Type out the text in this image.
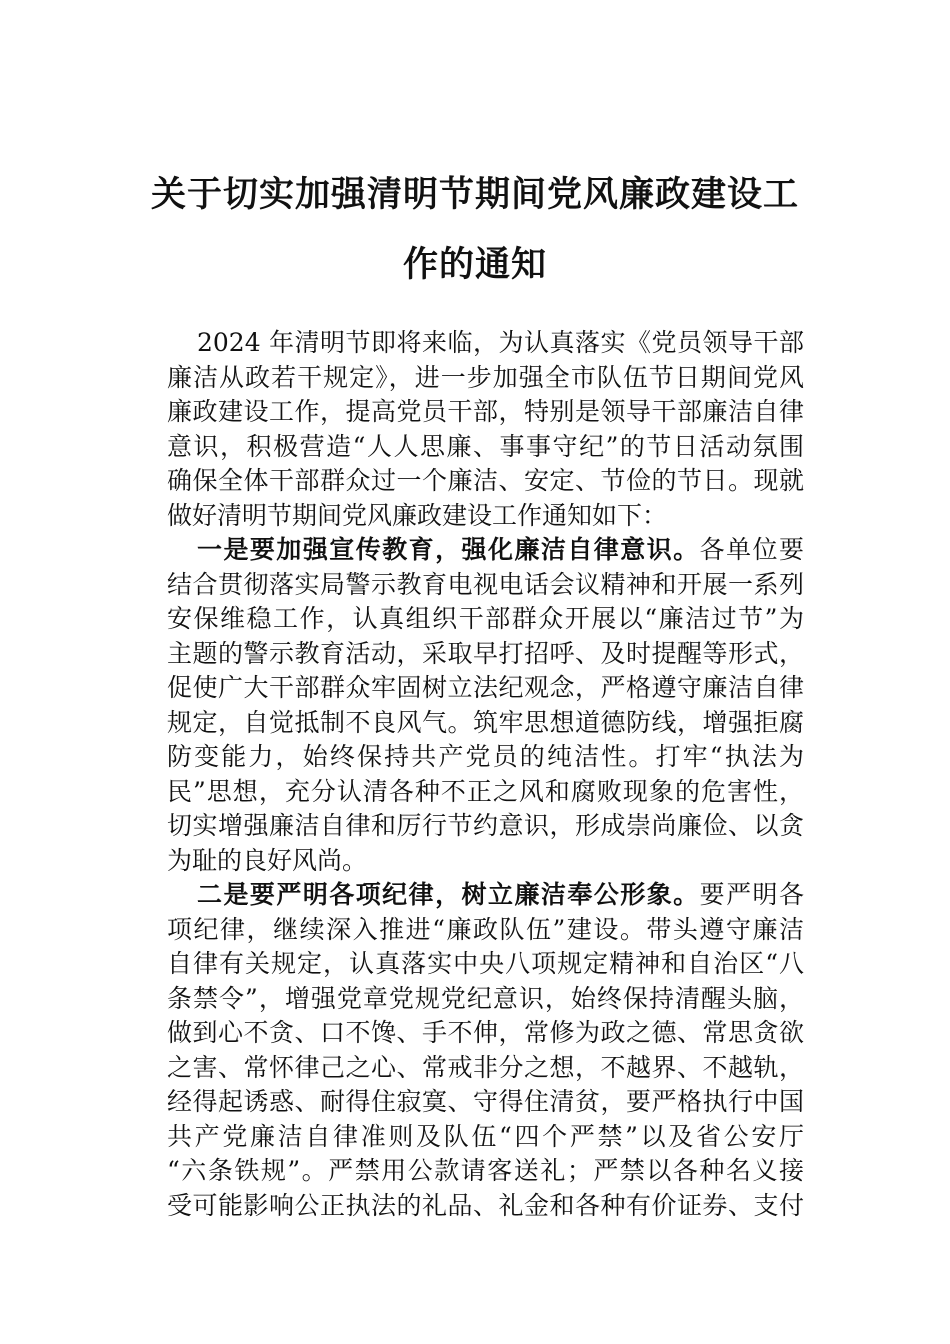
关于切实加强清明节期间党风廉政建设工
作的通知
2024 年清明节即将来临，为认真落实《党员领导干部
廉洁从政若干规定》，进一步加强全市队伍节日期间党风
廉政建设工作，提高党员干部，特别是领导干部廉洁自律
意识，积极营造“人人思廉、事事守纪”的节日活动氛围
确保全体干部群众过一个廉洁、安定、节俭的节日。现就
做好清明节期间党风廉政建设工作通知如下：
一是要加强宣传教育，强化廉洁自律意识。各单位要
结合贯彻落实局警示教育电视电话会议精神和开展一系列
安保维稳工作，认真组织干部群众开展以“廉洁过节”为
主题的警示教育活动，采取早打招呼、及时提醒等形式，
促使广大干部群众牢固树立法纪观念，严格遵守廉洁自律
规定，自觉抵制不良风气。筑牢思想道德防线，增强拒腐
防变能力，始终保持共产党员的纯洁性。打牢“执法为
民”思想，充分认清各种不正之风和腐败现象的危害性，
切实增强廉洁自律和厉行节约意识，形成崇尚廉俭、以贪
为耻的良好风尚。
二是要严明各项纪律，树立廉洁奉公形象。要严明各
项纪律，继续深入推进“廉政队伍”建设。带头遵守廉洁
自律有关规定，认真落实中央八项规定精神和自治区“八
条禁令”，增强党章党规党纪意识，始终保持清醒头脑，
做到心不贪、口不馋、手不伸，常修为政之德、常思贪欲
之害、常怀律己之心、常戒非分之想，不越界、不越轨，
经得起诱惑、耐得住寂寞、守得住清贫，要严格执行中国
共产党廉洁自律准则及队伍“四个严禁”以及省公安厅
“六条铁规”。严禁用公款请客送礼；严禁以各种名义接
受可能影响公正执法的礼品、礼金和各种有价证券、支付
